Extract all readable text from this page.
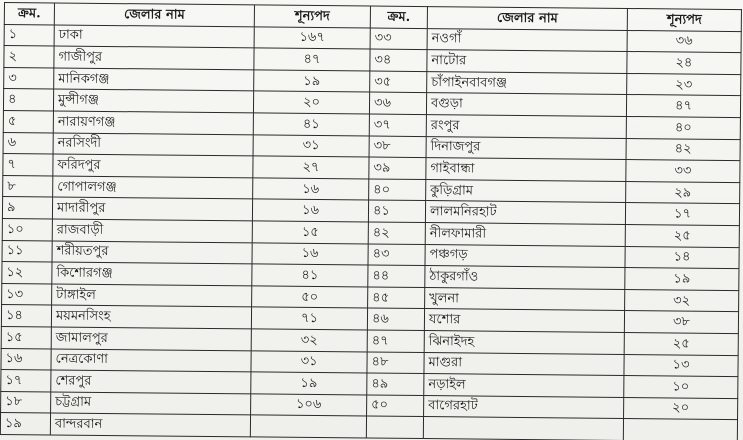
ক্রম.	জেলার নাম	শূন্যপদ	ক্রম.	জেলার নাম	শূন্যপদ
১	ঢাকা	১৬৭	৩৩	নওগাঁ	৩৬
২	গাজীপুর	৪৭	৩৪	নাটোর	২৪
৩	মানিকগঞ্জ	১৯	৩৫	চাঁপাইনবাবগঞ্জ	২৩
৪	মুন্সীগঞ্জ	২০	৩৬	বগুড়া	৪৭
৫	নারায়ণগঞ্জ	৪১	৩৭	রংপুর	৪০
৬	নরসিংদী	৩১	৩৮	দিনাজপুর	৪২
৭	ফরিদপুর	২৭	৩৯	গাইবান্ধা	৩৩
৮	গোপালগঞ্জ	১৬	৪০	কুড়িগ্রাম	২৯
৯	মাদারীপুর	১৬	৪১	লালমনিরহাট	১৭
১০	রাজবাড়ী	১৫	৪২	নীলফামারী	২৫
১১	শরীয়তপুর	১৬	৪৩	পঞ্চগড়	১৪
১২	কিশোরগঞ্জ	৪১	৪৪	ঠাকুরগাঁও	১৯
১৩	টাঙ্গাইল	৫০	৪৫	খুলনা	৩২
১৪	ময়মনসিংহ	৭১	৪৬	যশোর	৩৮
১৫	জামালপুর	৩২	৪৭	ঝিনাইদহ	২৫
১৬	নেত্রকোণা	৩১	৪৮	মাগুরা	১৩
১৭	শেরপুর	১৯	৪৯	নড়াইল	১০
১৮	চট্টগ্রাম	১০৬	৫০	বাগেরহাট	২০
১৯	বান্দরবান				
